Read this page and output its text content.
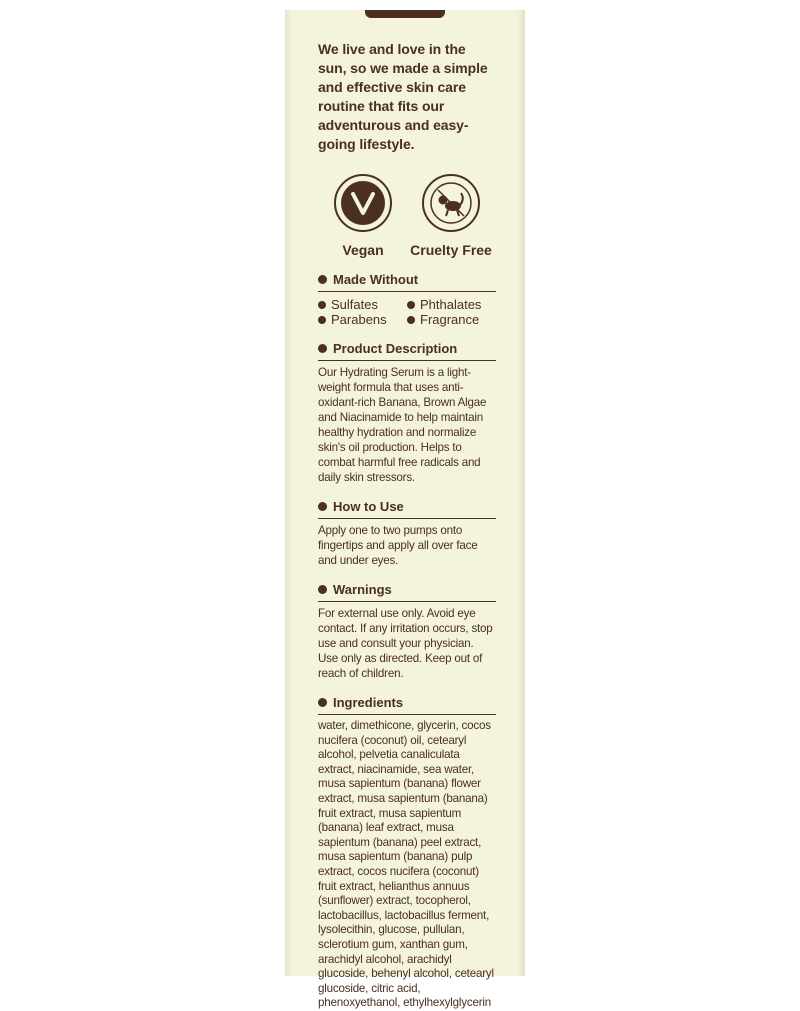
We live and love in the sun, so we made a simple and effective skin care routine that fits our adventurous and easy-going lifestyle.

Vegan Cruelty Free
Made Without
Sulfates	Phthalates
Parabens	Fragrance
Product Description

Our Hydrating Serum is a light-weight formula that uses anti-oxidant-rich Banana, Brown Algae and Niacinamide to help maintain healthy hydration and normalize skin's oil production. Helps to combat harmful free radicals and daily skin stressors.

How to Use

Apply one to two pumps onto fingertips and apply all over face and under eyes.

Warnings

For external use only. Avoid eye contact. If any irritation occurs, stop use and consult your physician. Use only as directed. Keep out of reach of children.

Ingredients

water, dimethicone, glycerin, cocos nucifera (coconut) oil, cetearyl alcohol, pelvetia canaliculata extract, niacinamide, sea water, musa sapientum (banana) flower extract, musa sapientum (banana) fruit extract, musa sapientum (banana) leaf extract, musa sapientum (banana) peel extract, musa sapientum (banana) pulp extract, cocos nucifera (coconut) fruit extract, helianthus annuus (sunflower) extract, tocopherol, lactobacillus, lactobacillus ferment, lysolecithin, glucose, pullulan, sclerotium gum, xanthan gum, arachidyl alcohol, arachidyl glucoside, behenyl alcohol, cetearyl glucoside, citric acid, phenoxyethanol, ethylhexylglycerin
